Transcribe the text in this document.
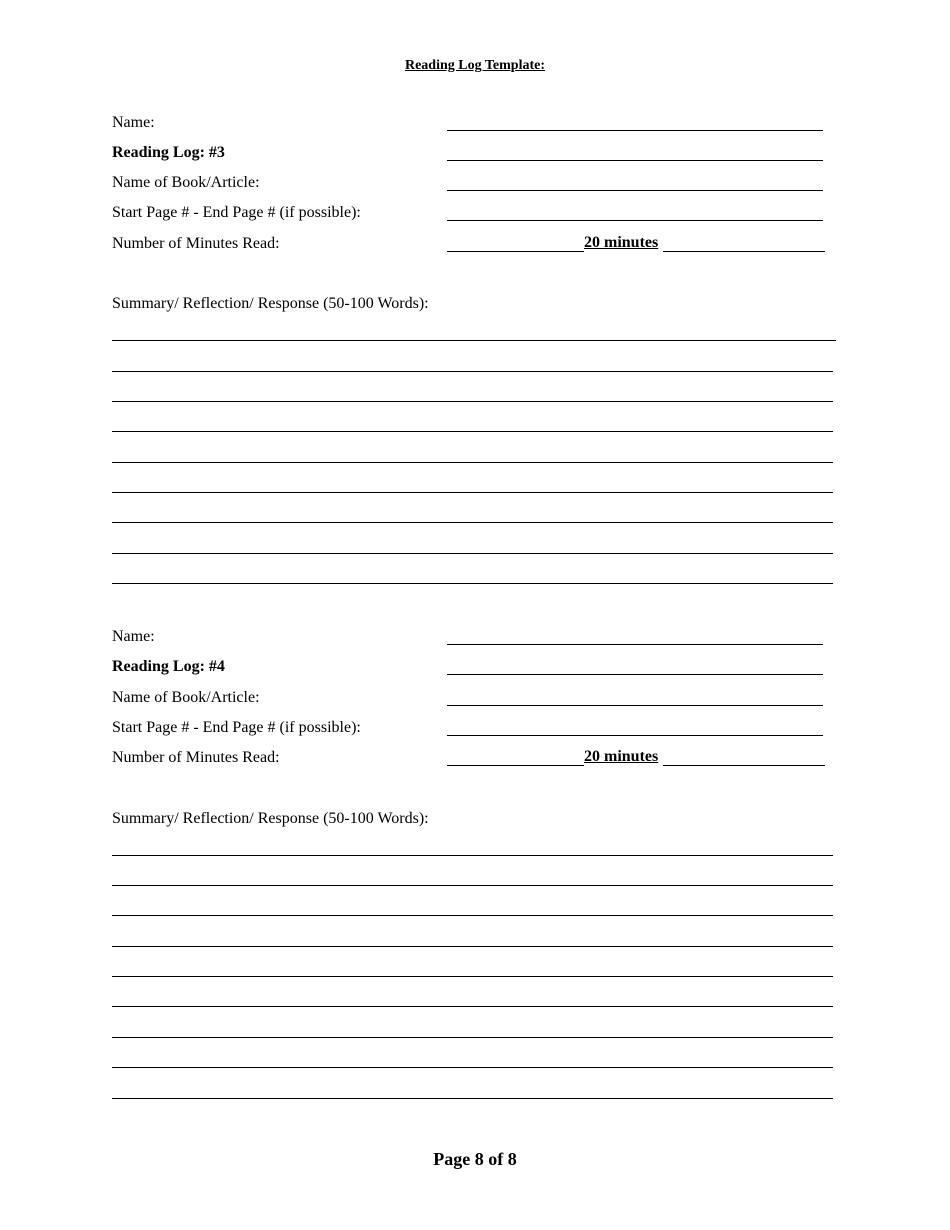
Reading Log Template:
Name:
Reading Log: #3
Name of Book/Article:
Start Page # - End Page # (if possible):
Number of Minutes Read:	20 minutes
Summary/ Reflection/ Response (50-100 Words):
Name:
Reading Log: #4
Name of Book/Article:
Start Page # - End Page # (if possible):
Number of Minutes Read:	20 minutes
Summary/ Reflection/ Response (50-100 Words):
Page 8 of 8
